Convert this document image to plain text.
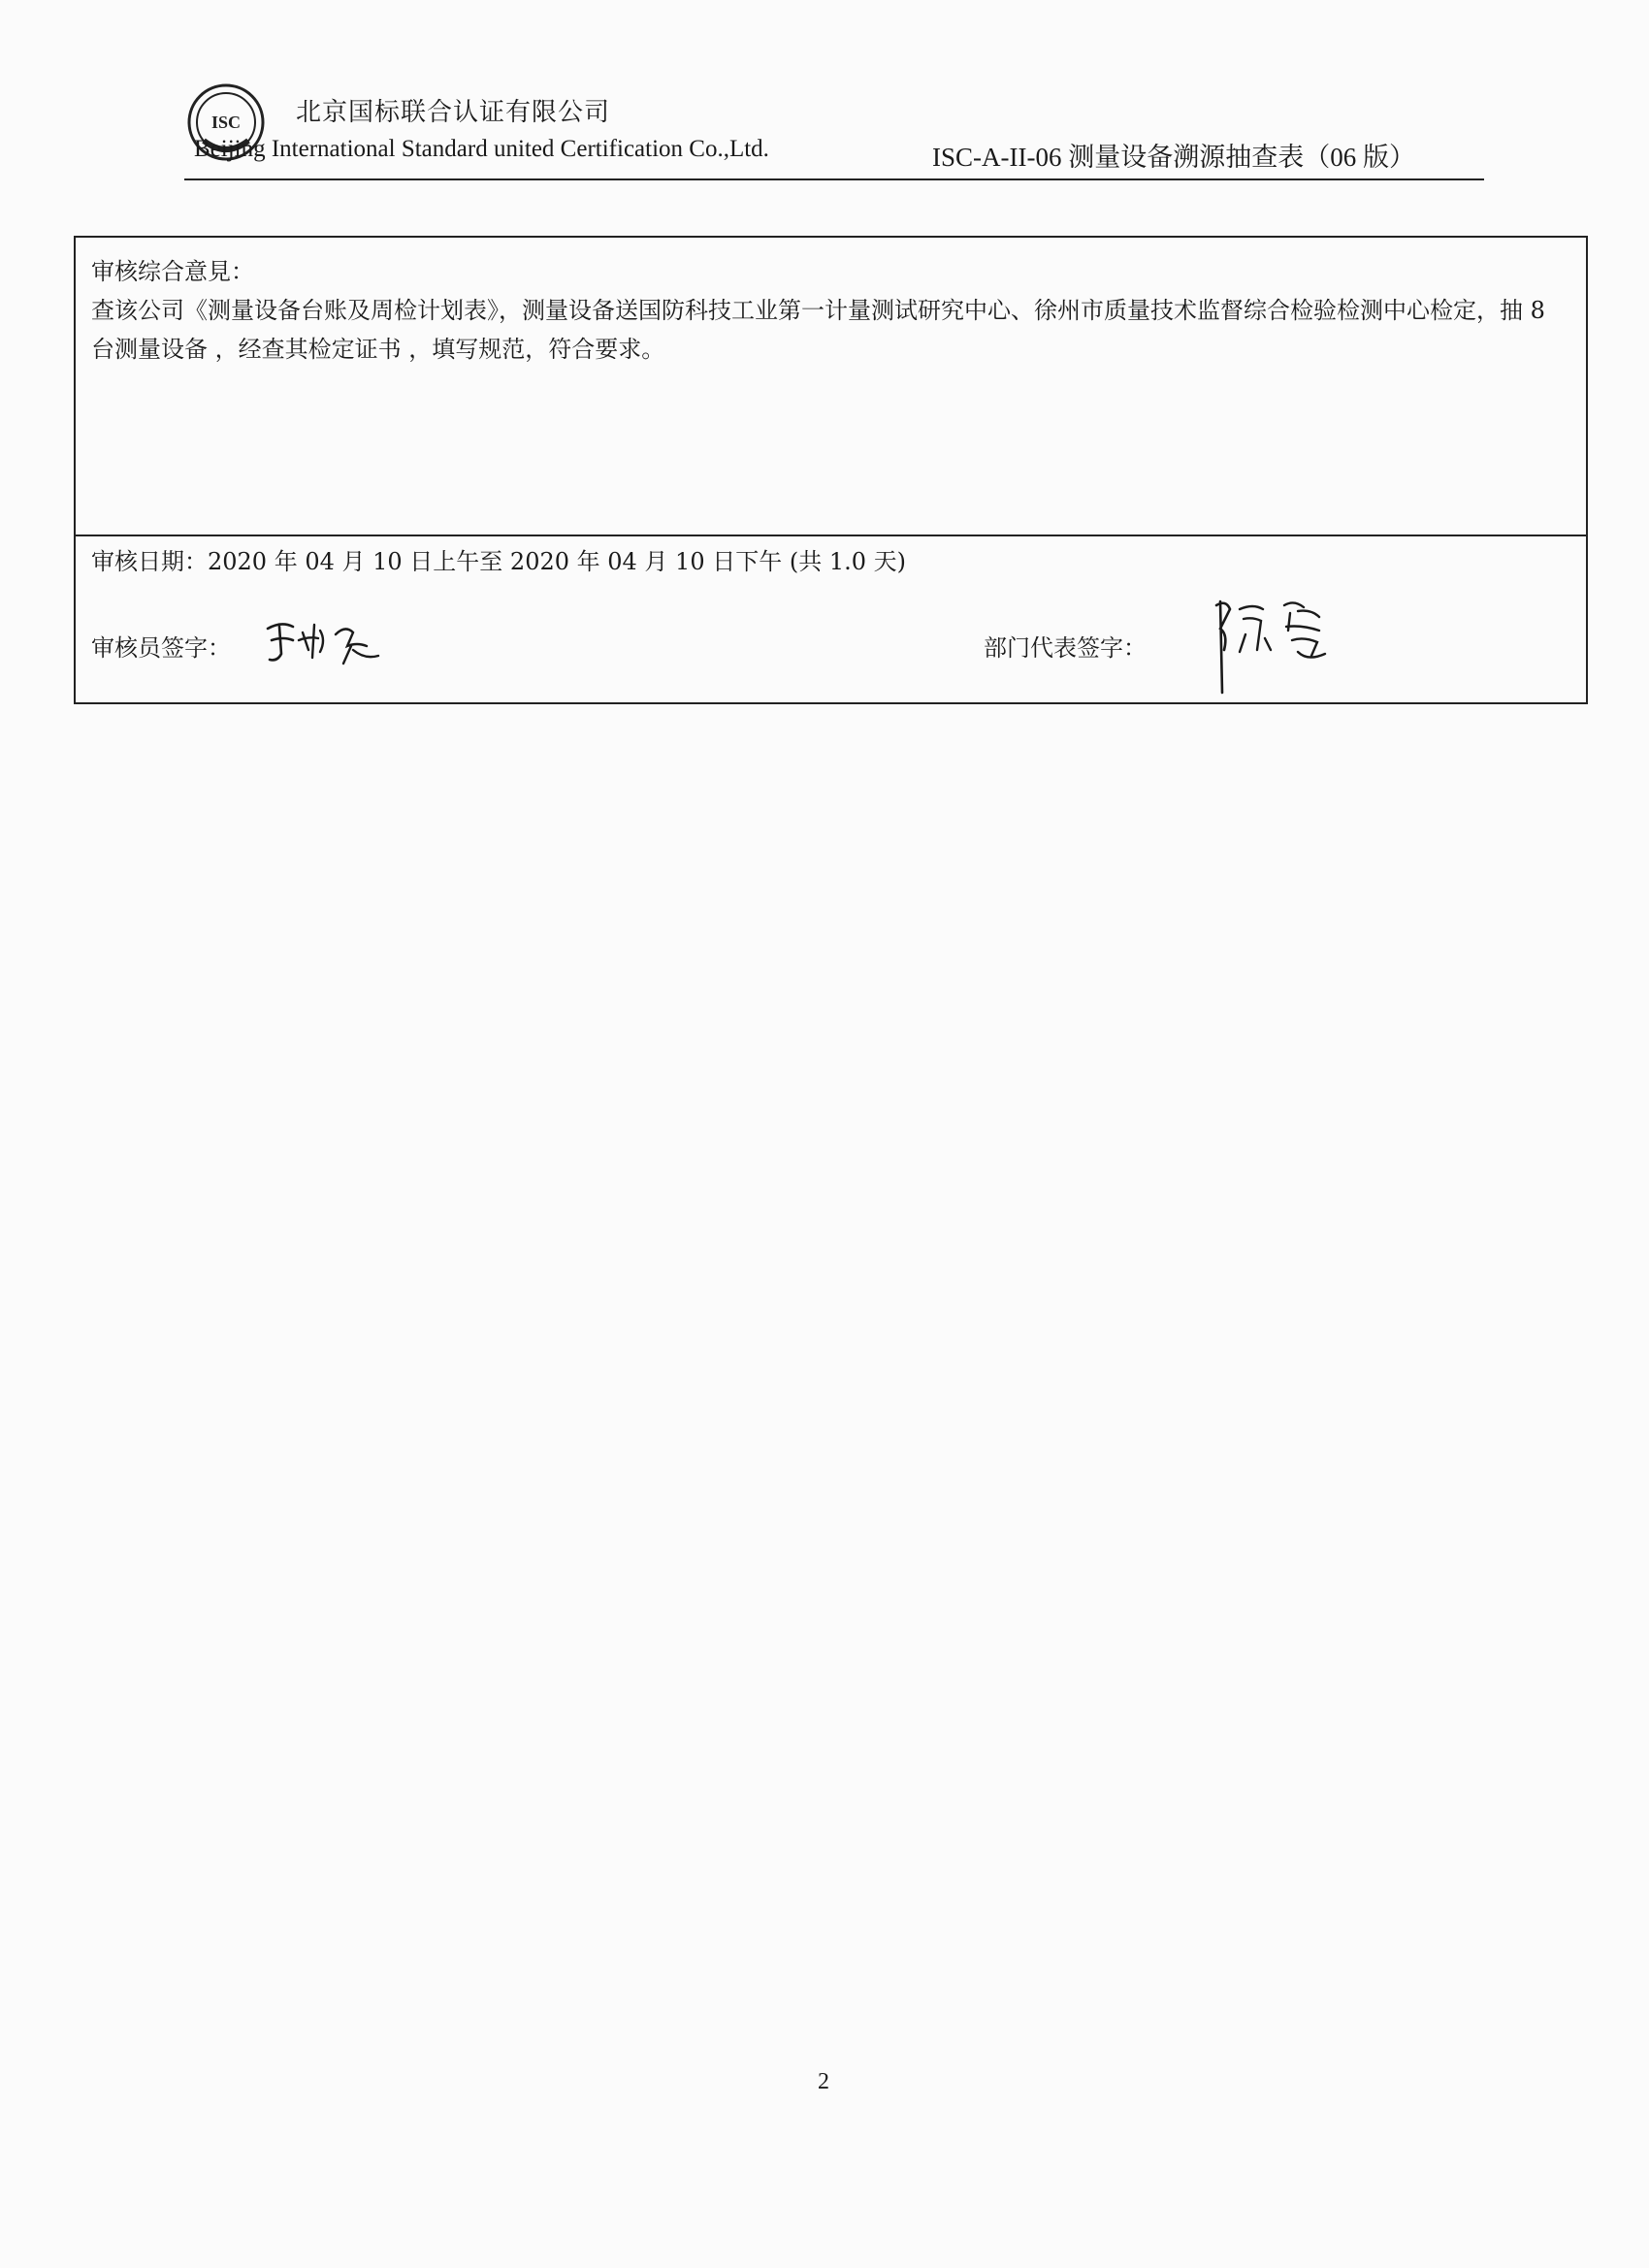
ISC 北京国标联合认证有限公司
Beijing International Standard united Certification Co.,Ltd.	ISC-A-II-06 测量设备溯源抽查表（06 版）
审核综合意見：
查该公司《测量设备台账及周检计划表》，测量设备送国防科技工业第一计量测试研究中心、徐州市质量技术监督综合检验检测中心检定，抽 8 台测量设备 ，经查其检定证书 ，填写规范，符合要求。
审核日期：2020 年 04 月 10 日上午至 2020 年 04 月 10 日下午 (共 1.0 天)
审核员签字：	部门代表签字：
2
